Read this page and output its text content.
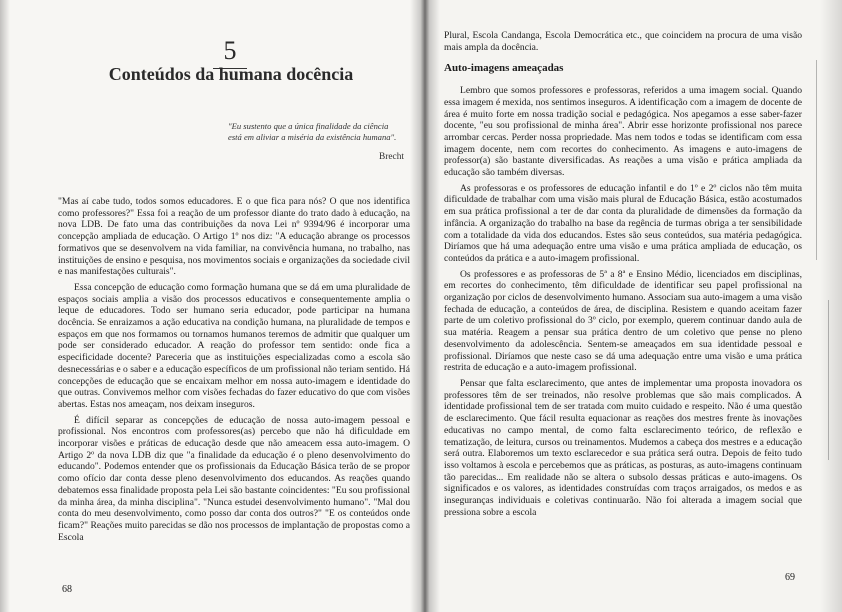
5
Conteúdos da humana docência
"Eu sustento que a única finalidade da ciência está em aliviar a miséria da existência humana".
Brecht

"Mas aí cabe tudo, todos somos educadores. E o que fica para nós? O que nos identifica como professores?" Essa foi a reação de um professor diante do trato dado à educação, na nova LDB. De fato uma das contribuições da nova Lei nº 9394/96 é incorporar uma concepção ampliada de educação. O Artigo 1º nos diz: "A educação abrange os processos formativos que se desenvolvem na vida familiar, na convivência humana, no trabalho, nas instituições de ensino e pesquisa, nos movimentos sociais e organizações da sociedade civil e nas manifestações culturais".

Essa concepção de educação como formação humana que se dá em uma pluralidade de espaços sociais amplia a visão dos processos educativos e consequentemente amplia o leque de educadores. Todo ser humano seria educador, pode participar na humana docência. Se enraizamos a ação educativa na condição humana, na pluralidade de tempos e espaços em que nos formamos ou tornamos humanos teremos de admitir que qualquer um pode ser considerado educador. A reação do professor tem sentido: onde fica a especificidade docente? Pareceria que as instituições especializadas como a escola são desnecessárias e o saber e a educação específicos de um profissional não teriam sentido. Há concepções de educação que se encaixam melhor em nossa auto-imagem e identidade do que outras. Convivemos melhor com visões fechadas do fazer educativo do que com visões abertas. Estas nos ameaçam, nos deixam inseguros.

É difícil separar as concepções de educação de nossa auto-imagem pessoal e profissional. Nos encontros com professores(as) percebo que não há dificuldade em incorporar visões e práticas de educação desde que não ameacem essa auto-imagem. O Artigo 2º da nova LDB diz que "a finalidade da educação é o pleno desenvolvimento do educando". Podemos entender que os profissionais da Educação Básica terão de se propor como ofício dar conta desse pleno desenvolvimento dos educandos. As reações quando debatemos essa finalidade proposta pela Lei são bastante coincidentes: "Eu sou profissional da minha área, da minha disciplina". "Nunca estudei desenvolvimento humano". "Mal dou conta do meu desenvolvimento, como posso dar conta dos outros?" "E os conteúdos onde ficam?" Reações muito parecidas se dão nos processos de implantação de propostas como a Escola

68

Plural, Escola Candanga, Escola Democrática etc., que coincidem na procura de uma visão mais ampla da docência.

Auto-imagens ameaçadas

Lembro que somos professores e professoras, referidos a uma imagem social. Quando essa imagem é mexida, nos sentimos inseguros. A identificação com a imagem de docente de área é muito forte em nossa tradição social e pedagógica. Nos apegamos a esse saber-fazer docente, "eu sou profissional de minha área". Abrir esse horizonte profissional nos parece arrombar cercas. Perder nossa propriedade. Mas nem todos e todas se identificam com essa imagem docente, nem com recortes do conhecimento. As imagens e auto-imagens de professor(a) são bastante diversificadas. As reações a uma visão e prática ampliada da educação são também diversas.

As professoras e os professores de educação infantil e do 1º e 2º ciclos não têm muita dificuldade de trabalhar com uma visão mais plural de Educação Básica, estão acostumados em sua prática profissional a ter de dar conta da pluralidade de dimensões da formação da infância. A organização do trabalho na base da regência de turmas obriga a ter sensibilidade com a totalidade da vida dos educandos. Estes são seus conteúdos, sua matéria pedagógica. Diríamos que há uma adequação entre uma visão e uma prática ampliada de educação, os conteúdos da prática e a auto-imagem profissional.

Os professores e as professoras de 5ª a 8ª e Ensino Médio, licenciados em disciplinas, em recortes do conhecimento, têm dificuldade de identificar seu papel profissional na organização por ciclos de desenvolvimento humano. Associam sua auto-imagem a uma visão fechada de educação, a conteúdos de área, de disciplina. Resistem e quando aceitam fazer parte de um coletivo profissional do 3º ciclo, por exemplo, querem continuar dando aula de sua matéria. Reagem a pensar sua prática dentro de um coletivo que pense no pleno desenvolvimento da adolescência. Sentem-se ameaçados em sua identidade pessoal e profissional. Diríamos que neste caso se dá uma adequação entre uma visão e uma prática restrita de educação e a auto-imagem profissional.

Pensar que falta esclarecimento, que antes de implementar uma proposta inovadora os professores têm de ser treinados, não resolve problemas que são mais complicados. A identidade profissional tem de ser tratada com muito cuidado e respeito. Não é uma questão de esclarecimento. Que fácil resulta equacionar as reações dos mestres frente às inovações educativas no campo mental, de como falta esclarecimento teórico, de reflexão e tematização, de leitura, cursos ou treinamentos. Mudemos a cabeça dos mestres e a educação será outra. Elaboremos um texto esclarecedor e sua prática será outra. Depois de feito tudo isso voltamos à escola e percebemos que as práticas, as posturas, as auto-imagens continuam tão parecidas... Em realidade não se altera o subsolo dessas práticas e auto-imagens. Os significados e os valores, as identidades construídas com traços arraigados, os medos e as inseguranças individuais e coletivas continuarão. Não foi alterada a imagem social que pressiona sobre a escola

69
